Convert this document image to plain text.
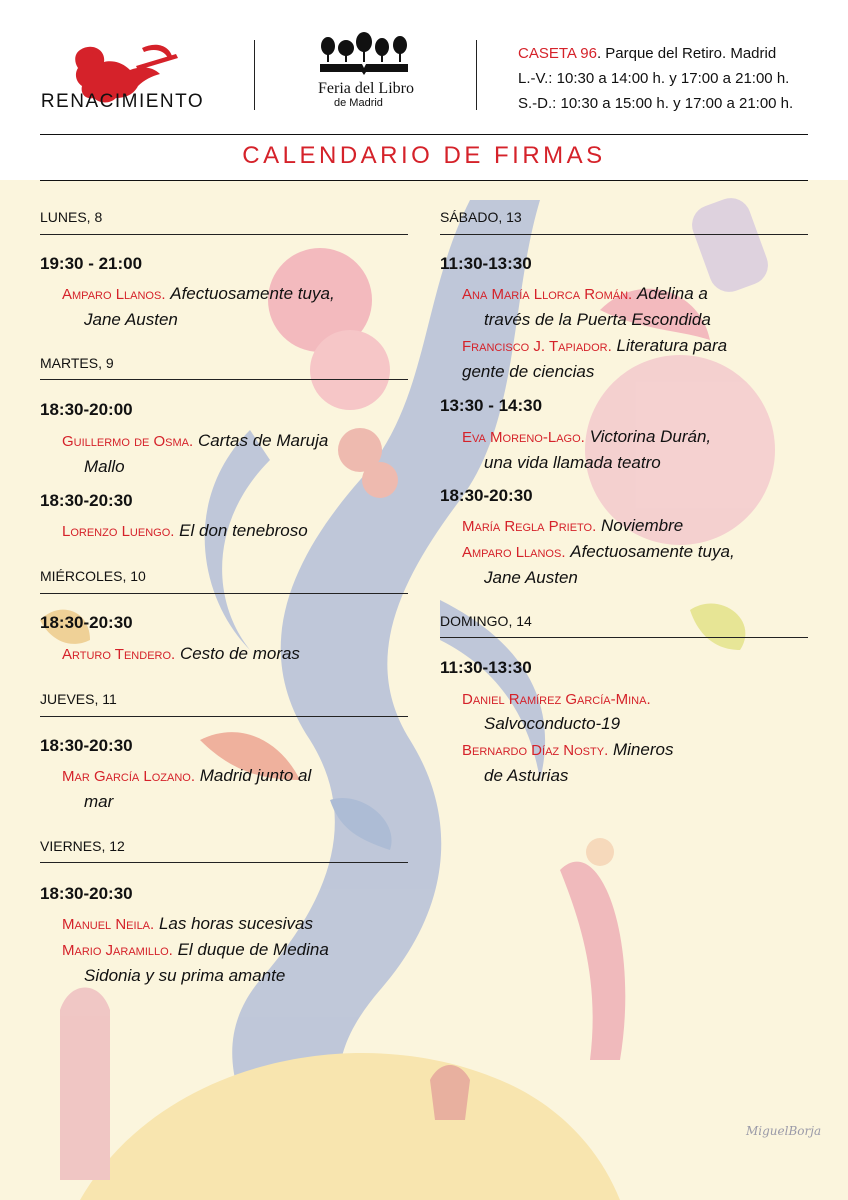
RENACIMIENTO
Feria del Libro
de Madrid
CASETA 96. Parque del Retiro. Madrid
L.-V.: 10:30 a 14:00 h. y 17:00 a 21:00 h.
S.-D.: 10:30 a 15:00 h. y 17:00 a 21:00 h.
CALENDARIO DE FIRMAS
LUNES, 8
19:30 - 21:00
Amparo Llanos. Afectuosamente tuya,
Jane Austen
MARTES, 9
18:30-20:00
Guillermo de Osma. Cartas de Maruja
Mallo
18:30-20:30
Lorenzo Luengo. El don tenebroso
MIÉRCOLES, 10
18:30-20:30
Arturo Tendero. Cesto de moras
JUEVES, 11
18:30-20:30
Mar García Lozano. Madrid junto al
mar
VIERNES, 12
18:30-20:30
Manuel Neila. Las horas sucesivas
Mario Jaramillo. El duque de Medina
Sidonia y su prima amante
SÁBADO, 13
11:30-13:30
Ana María Llorca Román. Adelina a
través de la Puerta Escondida
Francisco J. Tapiador. Literatura para
gente de ciencias
13:30 - 14:30
Eva Moreno-Lago. Victorina Durán,
una vida llamada teatro
18:30-20:30
María Regla Prieto. Noviembre
Amparo Llanos. Afectuosamente tuya,
Jane Austen
DOMINGO, 14
11:30-13:30
Daniel Ramírez García-Mina.
Salvoconducto-19
Bernardo Díaz Nosty. Mineros
de Asturias
MiguelBorja
